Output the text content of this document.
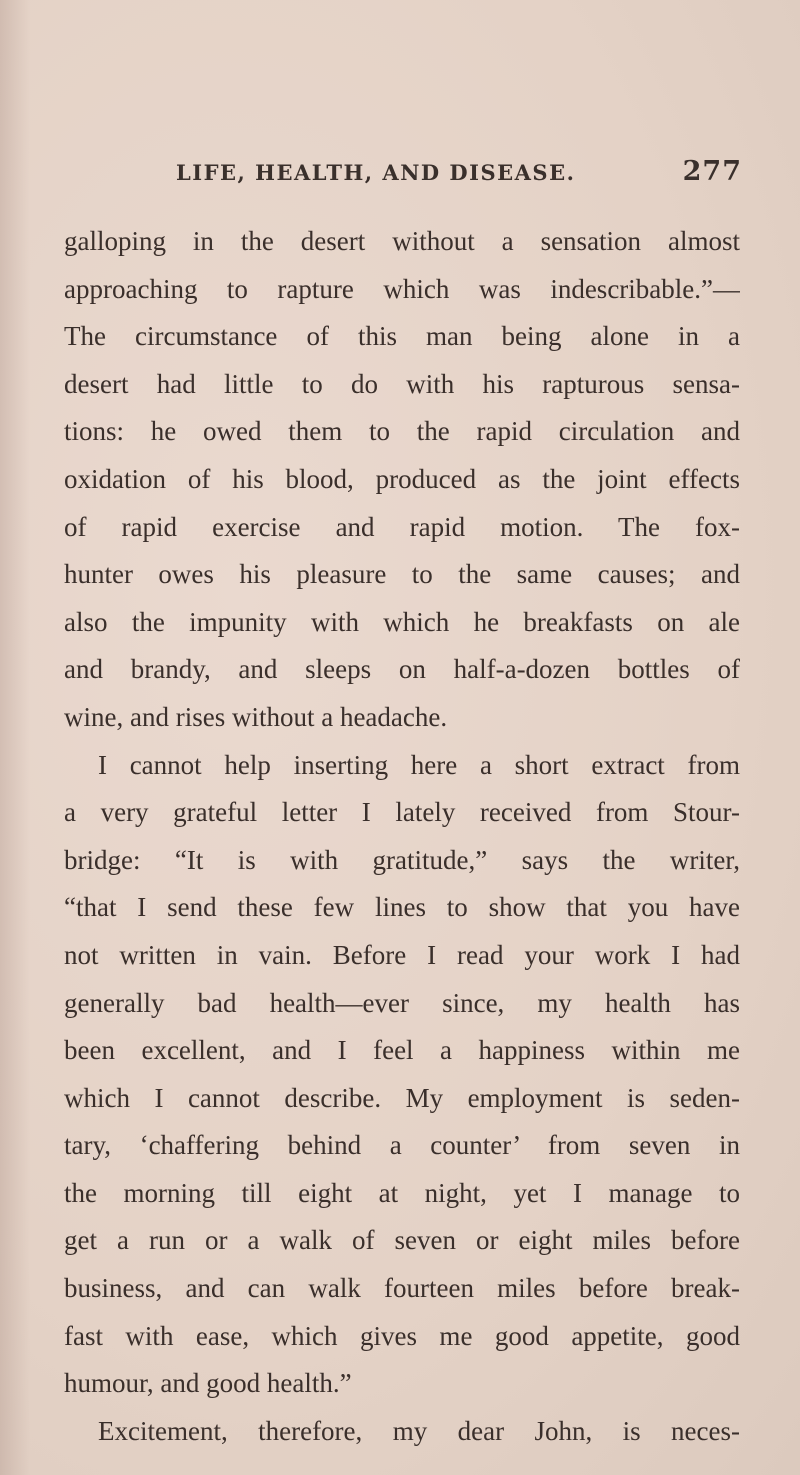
LIFE, HEALTH, AND DISEASE.	277
galloping in the desert without a sensation almost
approaching to rapture which was indescribable.”—
The circumstance of this man being alone in a
desert had little to do with his rapturous sensa-
tions: he owed them to the rapid circulation and
oxidation of his blood, produced as the joint effects
of rapid exercise and rapid motion. The fox-
hunter owes his pleasure to the same causes; and
also the impunity with which he breakfasts on ale
and brandy, and sleeps on half-a-dozen bottles of
wine, and rises without a headache.
I cannot help inserting here a short extract from
a very grateful letter I lately received from Stour-
bridge: “It is with gratitude,” says the writer,
“that I send these few lines to show that you have
not written in vain. Before I read your work I had
generally bad health—ever since, my health has
been excellent, and I feel a happiness within me
which I cannot describe. My employment is seden-
tary, ‘chaffering behind a counter’ from seven in
the morning till eight at night, yet I manage to
get a run or a walk of seven or eight miles before
business, and can walk fourteen miles before break-
fast with ease, which gives me good appetite, good
humour, and good health.”
Excitement, therefore, my dear John, is neces-
